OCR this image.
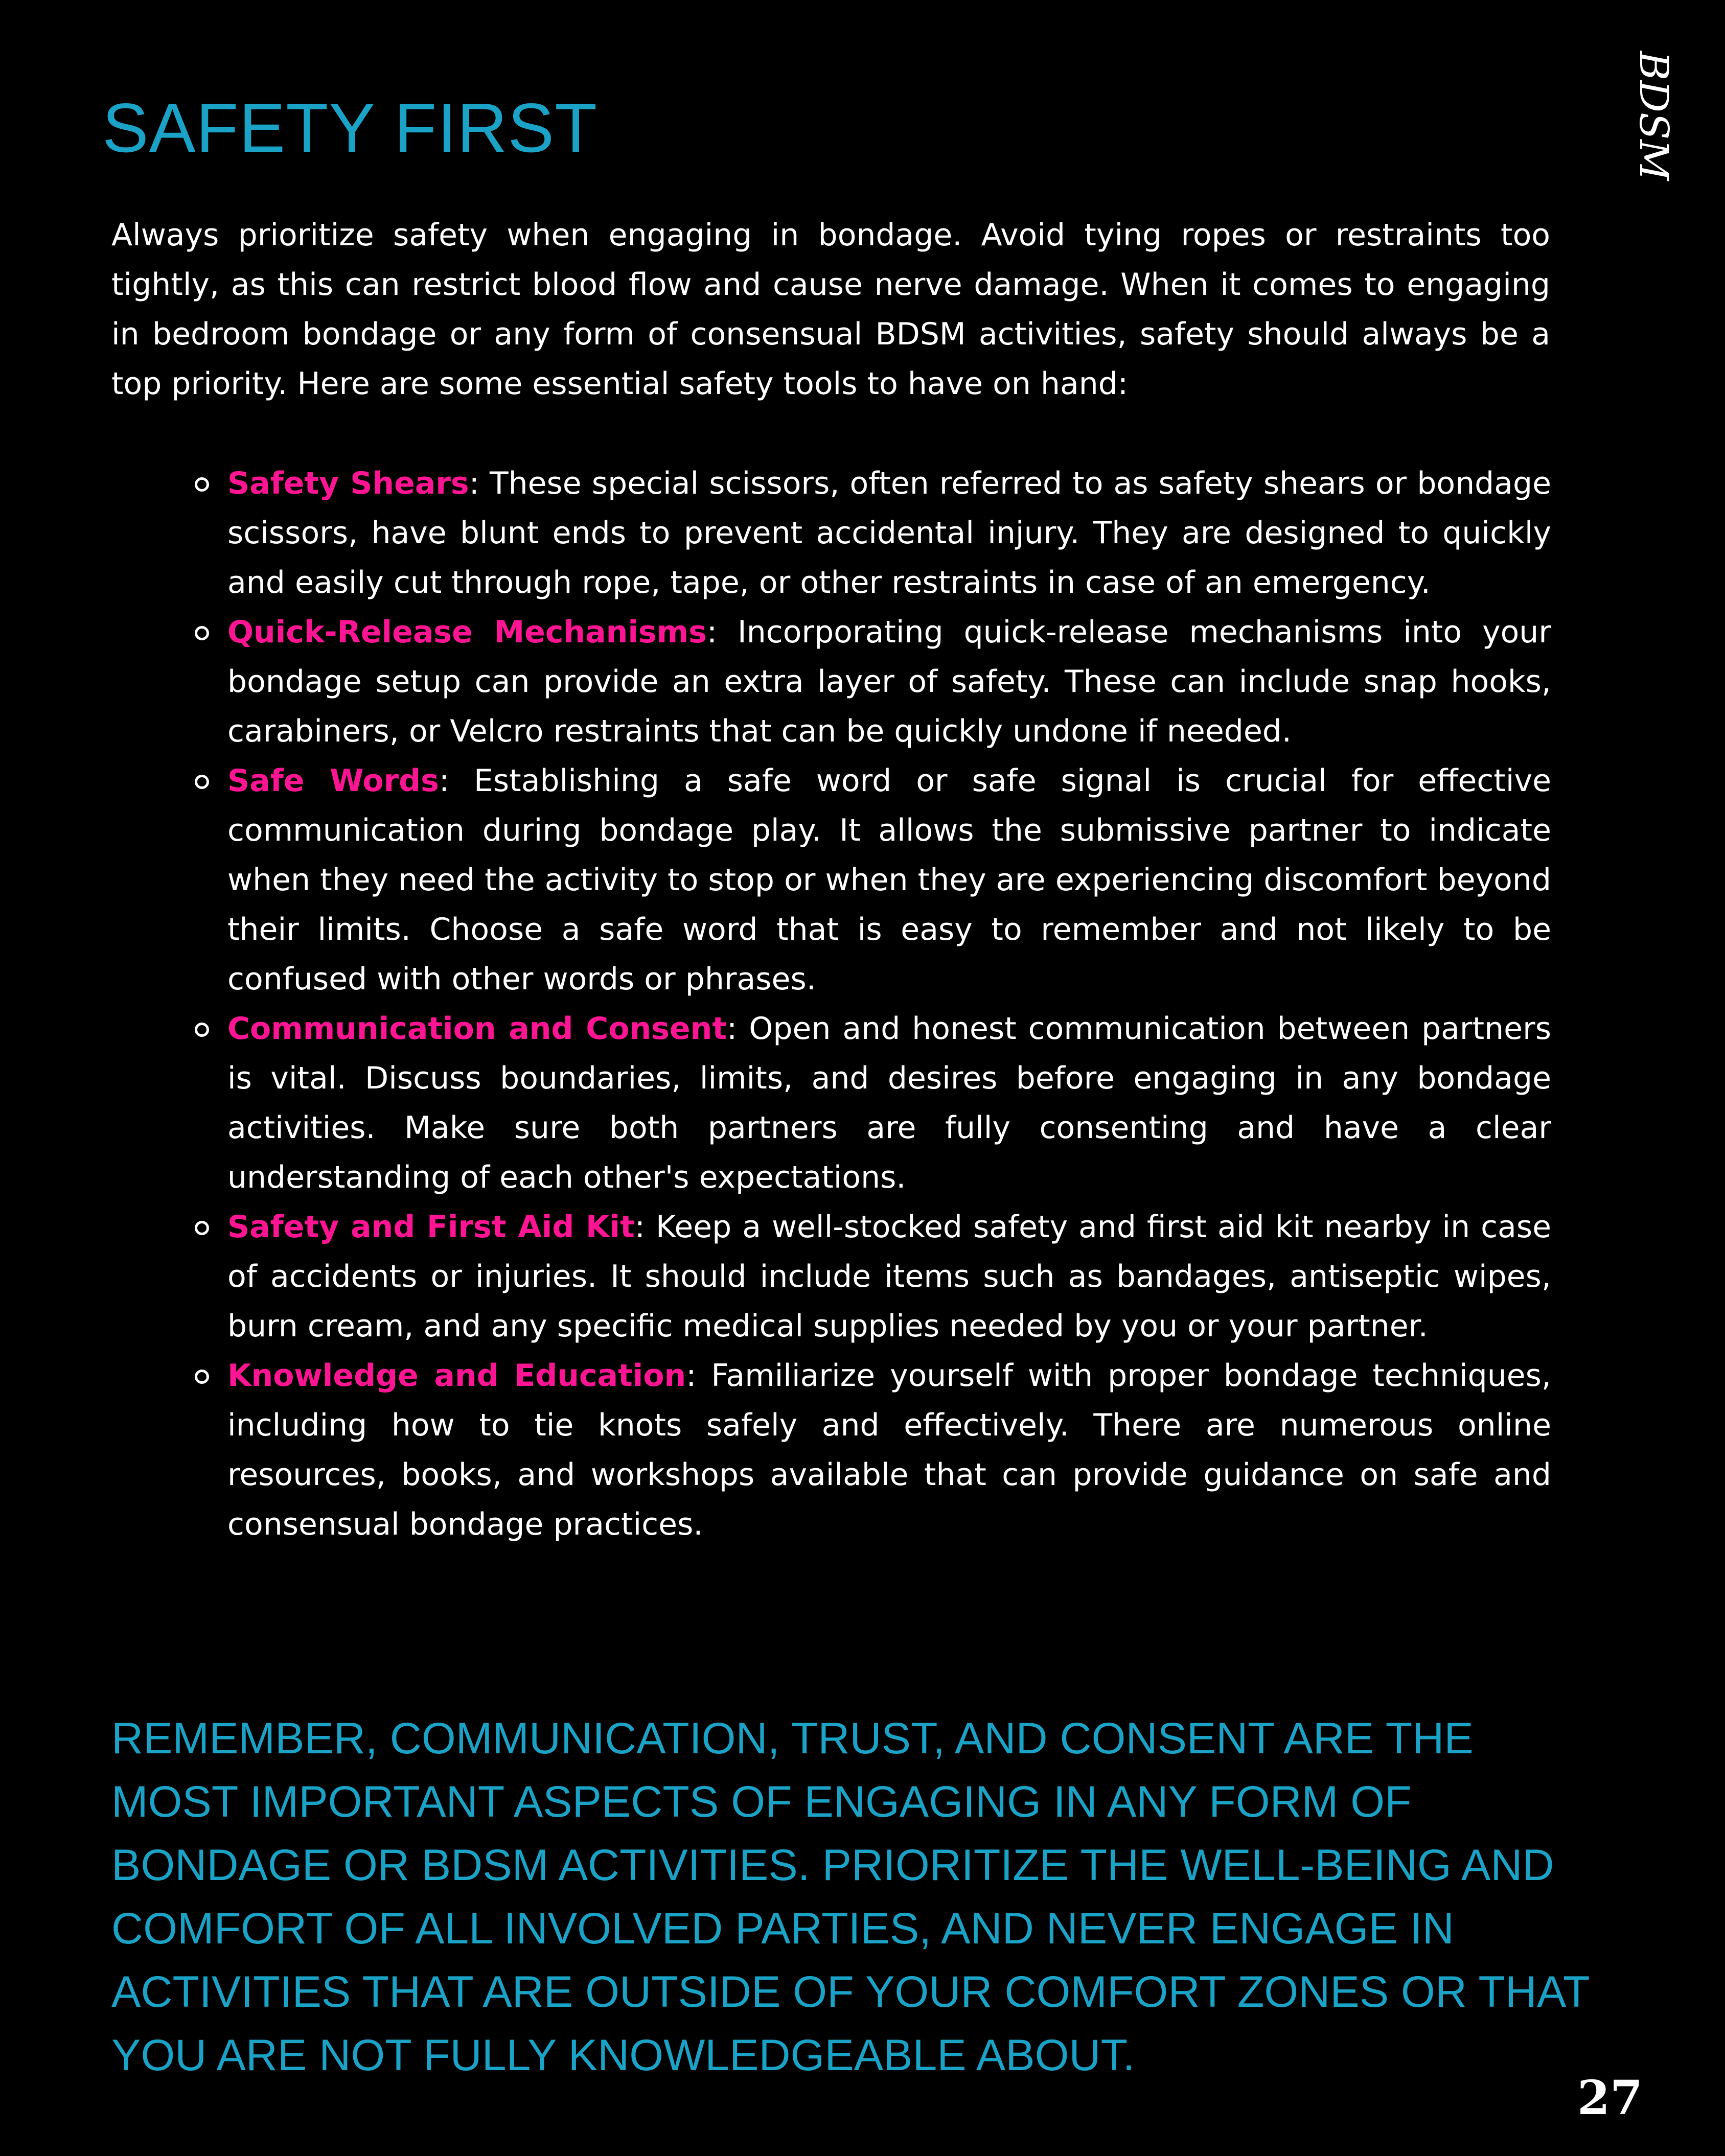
SAFETY FIRST	BDSM

Always prioritize safety when engaging in bondage. Avoid tying ropes or restraints too tightly, as this can restrict blood flow and cause nerve damage. When it comes to engaging in bedroom bondage or any form of consensual BDSM activities, safety should always be a top priority. Here are some essential safety tools to have on hand:

Safety Shears: These special scissors, often referred to as safety shears or bondage scissors, have blunt ends to prevent accidental injury. They are designed to quickly and easily cut through rope, tape, or other restraints in case of an emergency.
Quick-Release Mechanisms: Incorporating quick-release mechanisms into your bondage setup can provide an extra layer of safety. These can include snap hooks, carabiners, or Velcro restraints that can be quickly undone if needed.
Safe Words: Establishing a safe word or safe signal is crucial for effective communication during bondage play. It allows the submissive partner to indicate when they need the activity to stop or when they are experiencing discomfort beyond their limits. Choose a safe word that is easy to remember and not likely to be confused with other words or phrases.
Communication and Consent: Open and honest communication between partners is vital. Discuss boundaries, limits, and desires before engaging in any bondage activities. Make sure both partners are fully consenting and have a clear understanding of each other's expectations.
Safety and First Aid Kit: Keep a well-stocked safety and first aid kit nearby in case of accidents or injuries. It should include items such as bandages, antiseptic wipes, burn cream, and any specific medical supplies needed by you or your partner.
Knowledge and Education: Familiarize yourself with proper bondage techniques, including how to tie knots safely and effectively. There are numerous online resources, books, and workshops available that can provide guidance on safe and consensual bondage practices.

REMEMBER, COMMUNICATION, TRUST, AND CONSENT ARE THE MOST IMPORTANT ASPECTS OF ENGAGING IN ANY FORM OF BONDAGE OR BDSM ACTIVITIES. PRIORITIZE THE WELL-BEING AND COMFORT OF ALL INVOLVED PARTIES, AND NEVER ENGAGE IN ACTIVITIES THAT ARE OUTSIDE OF YOUR COMFORT ZONES OR THAT YOU ARE NOT FULLY KNOWLEDGEABLE ABOUT.

27
